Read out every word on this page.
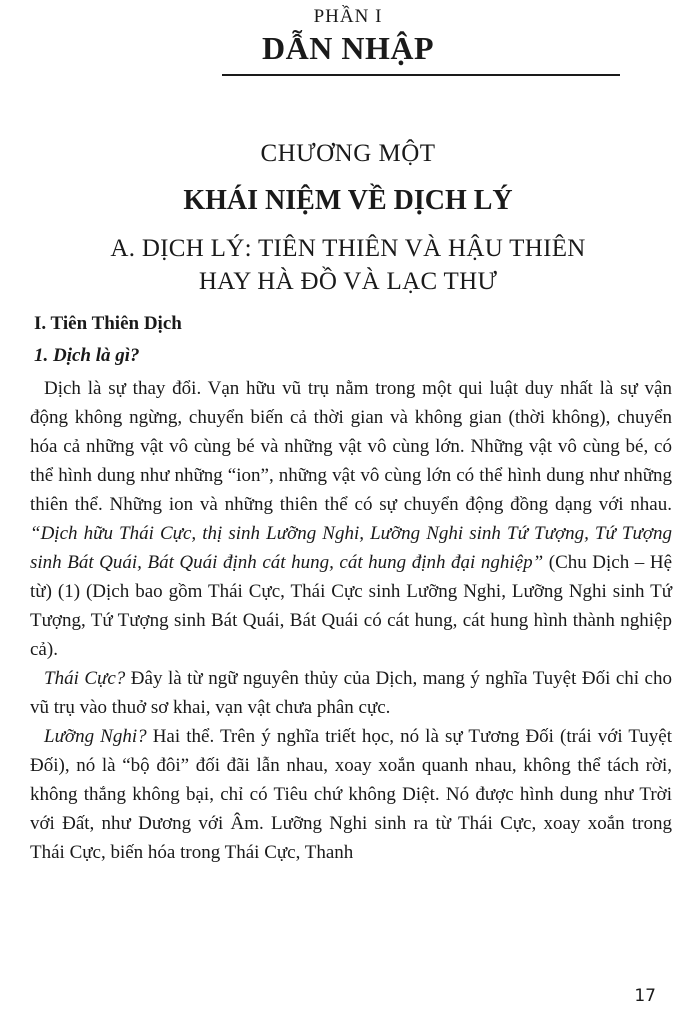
PHẦN I
DẪN NHẬP
CHƯƠNG MỘT
KHÁI NIỆM VỀ DỊCH LÝ
A. DỊCH LÝ: TIÊN THIÊN VÀ HẬU THIÊN
HAY HÀ ĐỒ VÀ LẠC THƯ
I. Tiên Thiên Dịch
1. Dịch là gì?

Dịch là sự thay đổi. Vạn hữu vũ trụ nằm trong một qui luật duy nhất là sự vận động không ngừng, chuyển biến cả thời gian và không gian (thời không), chuyển hóa cả những vật vô cùng bé và những vật vô cùng lớn. Những vật vô cùng bé, có thể hình dung như những “ion”, những vật vô cùng lớn có thể hình dung như những thiên thể. Những ion và những thiên thể có sự chuyển động đồng dạng với nhau. “Dịch hữu Thái Cực, thị sinh Lưỡng Nghi, Lưỡng Nghi sinh Tứ Tượng, Tứ Tượng sinh Bát Quái, Bát Quái định cát hung, cát hung định đại nghiệp” (Chu Dịch – Hệ từ) (1) (Dịch bao gồm Thái Cực, Thái Cực sinh Lưỡng Nghi, Lưỡng Nghi sinh Tứ Tượng, Tứ Tượng sinh Bát Quái, Bát Quái có cát hung, cát hung hình thành nghiệp cả).

Thái Cực? Đây là từ ngữ nguyên thủy của Dịch, mang ý nghĩa Tuyệt Đối chỉ cho vũ trụ vào thuở sơ khai, vạn vật chưa phân cực.

Lưỡng Nghi? Hai thể. Trên ý nghĩa triết học, nó là sự Tương Đối (trái với Tuyệt Đối), nó là “bộ đôi” đối đãi lẫn nhau, xoay xoắn quanh nhau, không thể tách rời, không thắng không bại, chỉ có Tiêu chứ không Diệt. Nó được hình dung như Trời với Đất, như Dương với Âm. Lưỡng Nghi sinh ra từ Thái Cực, xoay xoắn trong Thái Cực, biến hóa trong Thái Cực, Thanh

17
